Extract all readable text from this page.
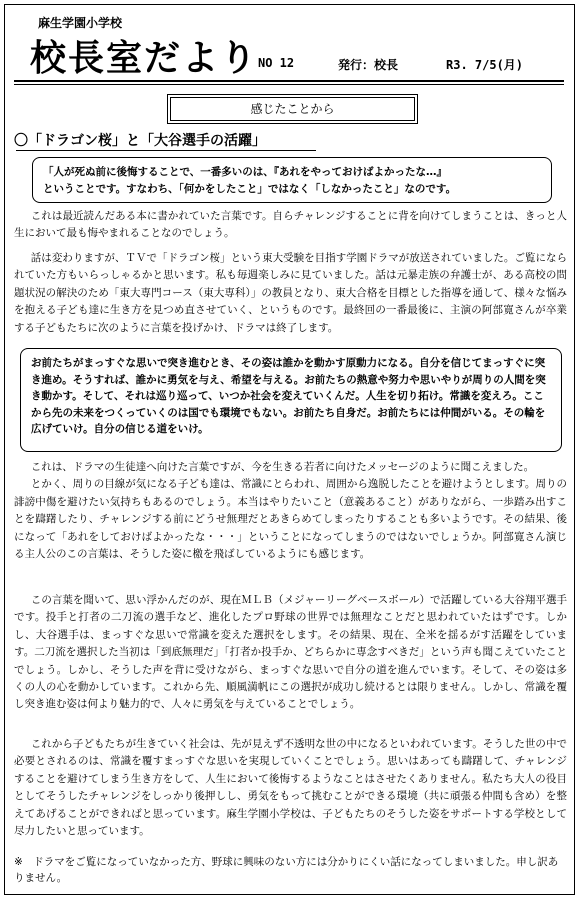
麻生学園小学校
校長室だより NO 12	発行：校長	R3. 7/5(月)
感じたことから
〇「ドラゴン桜」と「大谷選手の活躍」
「人が死ぬ前に後悔することで、一番多いのは、『あれをやっておけばよかったな…』
ということです。すなわち、「何かをしたこと」ではなく「しなかったこと」なのです。
これは最近読んだある本に書かれていた言葉です。自らチャレンジすることに背を向けてしまうことは、きっと人生において最も悔やまれることなのでしょう。
話は変わりますが、ＴＶで「ドラゴン桜」という東大受験を目指す学園ドラマが放送されていました。ご覧になられていた方もいらっしゃるかと思います。私も毎週楽しみに見ていました。話は元暴走族の弁護士が、ある高校の問題状況の解決のため「東大専門コース（東大専科）」の教員となり、東大合格を目標とした指導を通して、様々な悩みを抱える子ども達に生き方を見つめ直させていく、というものです。最終回の一番最後に、主演の阿部寛さんが卒業する子どもたちに次のように言葉を投げかけ、ドラマは終了します。
お前たちがまっすぐな思いで突き進むとき、その姿は誰かを動かす原動力になる。自分を信じてまっすぐに突き進め。そうすれば、誰かに勇気を与え、希望を与える。お前たちの熱意や努力や思いやりが周りの人間を突き動かす。そして、それは巡り巡って、いつか社会を変えていくんだ。人生を切り拓け。常識を変えろ。ここから先の未来をつくっていくのは国でも環境でもない。お前たち自身だ。お前たちには仲間がいる。その輪を広げていけ。自分の信じる道をいけ。

これは、ドラマの生徒達へ向けた言葉ですが、今を生きる若者に向けたメッセージのように聞こえました。

とかく、周りの目線が気になる子ども達は、常識にとらわれ、周囲から逸脱したことを避けようとします。周りの誹謗中傷を避けたい気持ちもあるのでしょう。本当はやりたいこと（意義あること）がありながら、一歩踏み出すことを躊躇したり、チャレンジする前にどうせ無理だとあきらめてしまったりすることも多いようです。その結果、後になって「あれをしておけばよかったな・・・」ということになってしまうのではないでしょうか。阿部寛さん演じる主人公のこの言葉は、そうした姿に檄を飛ばしているようにも感じます。

この言葉を聞いて、思い浮かんだのが、現在ＭＬＢ（メジャーリーグベースボール）で活躍している大谷翔平選手です。投手と打者の二刀流の選手など、進化したプロ野球の世界では無理なことだと思われていたはずです。しかし、大谷選手は、まっすぐな思いで常識を変えた選択をします。その結果、現在、全米を揺るがす活躍をしています。二刀流を選択した当初は「到底無理だ」「打者か投手か、どちらかに専念すべきだ」という声も聞こえていたことでしょう。しかし、そうした声を背に受けながら、まっすぐな思いで自分の道を進んでいます。そして、その姿は多くの人の心を動かしています。これから先、順風満帆にこの選択が成功し続けるとは限りません。しかし、常識を覆し突き進む姿は何より魅力的で、人々に勇気を与えていることでしょう。
これから子どもたちが生きていく社会は、先が見えず不透明な世の中になるといわれています。そうした世の中で必要とされるのは、常識を覆すまっすぐな思いを実現していくことでしょう。思いはあっても躊躇して、チャレンジすることを避けてしまう生き方をして、人生において後悔するようなことはさせたくありません。私たち大人の役目としてそうしたチャレンジをしっかり後押しし、勇気をもって挑むことができる環境（共に頑張る仲間も含め）を整えてあげることができればと思っています。麻生学園小学校は、子どもたちのそうした姿をサポートする学校として尽力したいと思っています。
※　ドラマをご覧になっていなかった方、野球に興味のない方には分かりにくい話になってしまいました。申し訳ありません。
